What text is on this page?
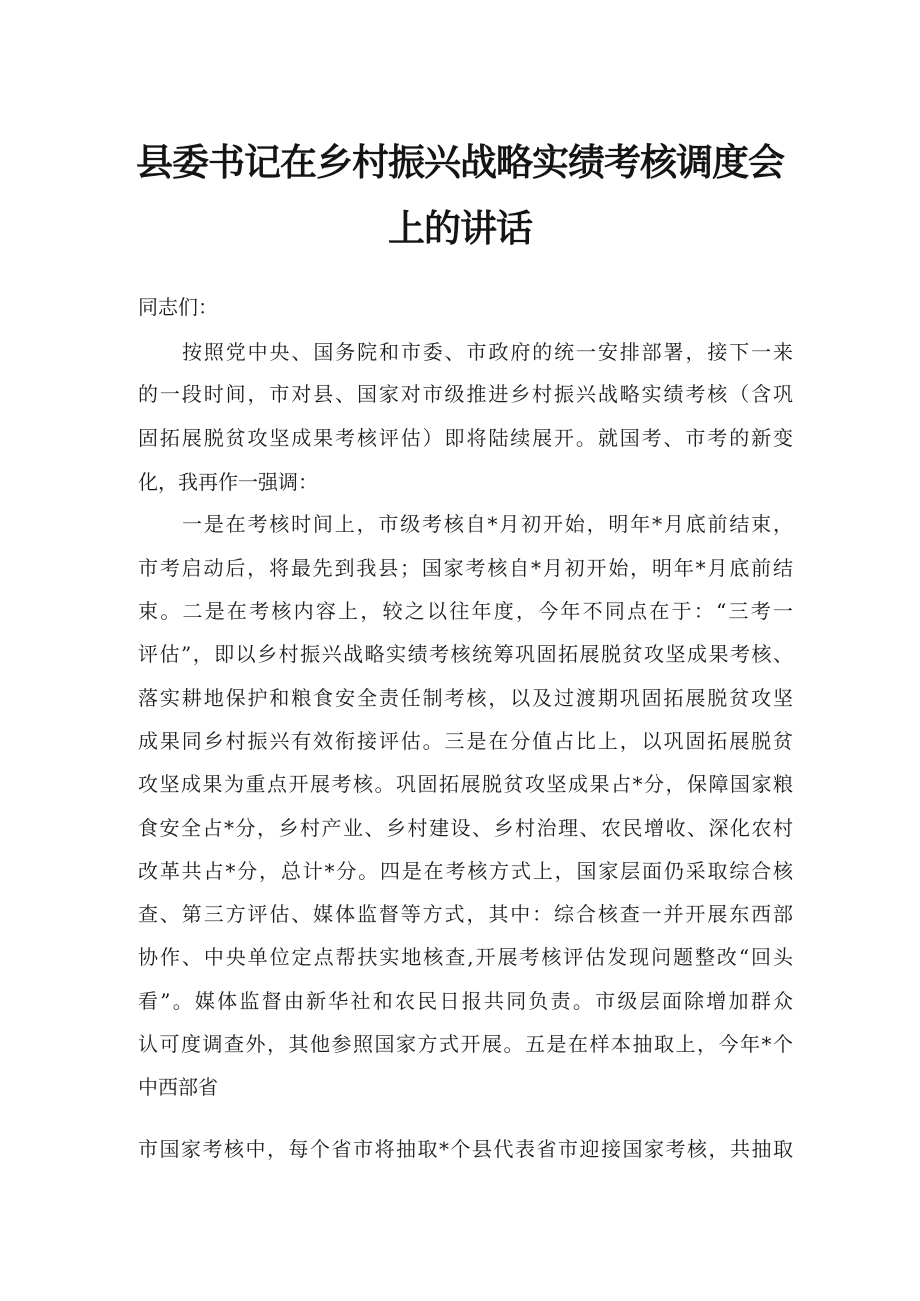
县委书记在乡村振兴战略实绩考核调度会
上的讲话
同志们：
按照党中央、国务院和市委、市政府的统一安排部署，接下一来
的一段时间，市对县、国家对市级推进乡村振兴战略实绩考核（含巩
固拓展脱贫攻坚成果考核评估）即将陆续展开。就国考、市考的新变
化，我再作一强调：
一是在考核时间上，市级考核自*月初开始，明年*月底前结束，
市考启动后，将最先到我县；国家考核自*月初开始，明年*月底前结
束。二是在考核内容上，较之以往年度，今年不同点在于：“三考一
评估”，即以乡村振兴战略实绩考核统筹巩固拓展脱贫攻坚成果考核、
落实耕地保护和粮食安全责任制考核，以及过渡期巩固拓展脱贫攻坚
成果同乡村振兴有效衔接评估。三是在分值占比上，以巩固拓展脱贫
攻坚成果为重点开展考核。巩固拓展脱贫攻坚成果占*分，保障国家粮
食安全占*分，乡村产业、乡村建设、乡村治理、农民增收、深化农村
改革共占*分，总计*分。四是在考核方式上，国家层面仍采取综合核
查、第三方评估、媒体监督等方式，其中：综合核查一并开展东西部
协作、中央单位定点帮扶实地核查,开展考核评估发现问题整改“回头
看”。媒体监督由新华社和农民日报共同负责。市级层面除增加群众
认可度调查外，其他参照国家方式开展。五是在样本抽取上，今年*个
中西部省
市国家考核中，每个省市将抽取*个县代表省市迎接国家考核，共抽取
